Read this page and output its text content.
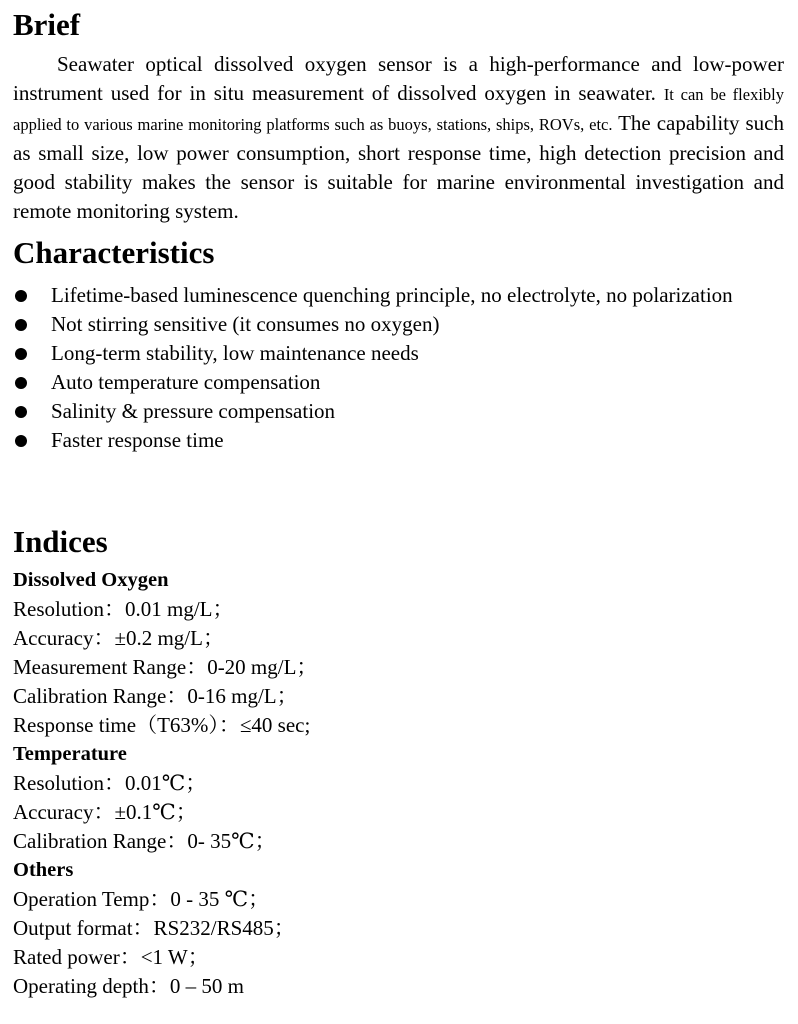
Brief

Seawater optical dissolved oxygen sensor is a high-performance and low-power instrument used for in situ measurement of dissolved oxygen in seawater. It can be flexibly applied to various marine monitoring platforms such as buoys, stations, ships, ROVs, etc. The capability such as small size, low power consumption, short response time, high detection precision and good stability makes the sensor is suitable for marine environmental investigation and remote monitoring system.

Characteristics
Lifetime-based luminescence quenching principle, no electrolyte, no polarization
Not stirring sensitive (it consumes no oxygen)
Long-term stability, low maintenance needs
Auto temperature compensation
Salinity & pressure compensation
Faster response time
Indices
Dissolved Oxygen
Resolution：0.01 mg/L；
Accuracy：±0.2 mg/L；
Measurement Range：0-20 mg/L；
Calibration Range：0-16 mg/L；
Response time（T63%）：≤40 sec;
Temperature
Resolution：0.01℃；
Accuracy：±0.1℃；
Calibration Range：0- 35℃；
Others
Operation Temp：0 - 35 ℃；
Output format：RS232/RS485；
Rated power：<1 W；
Operating depth：0 – 50 m
